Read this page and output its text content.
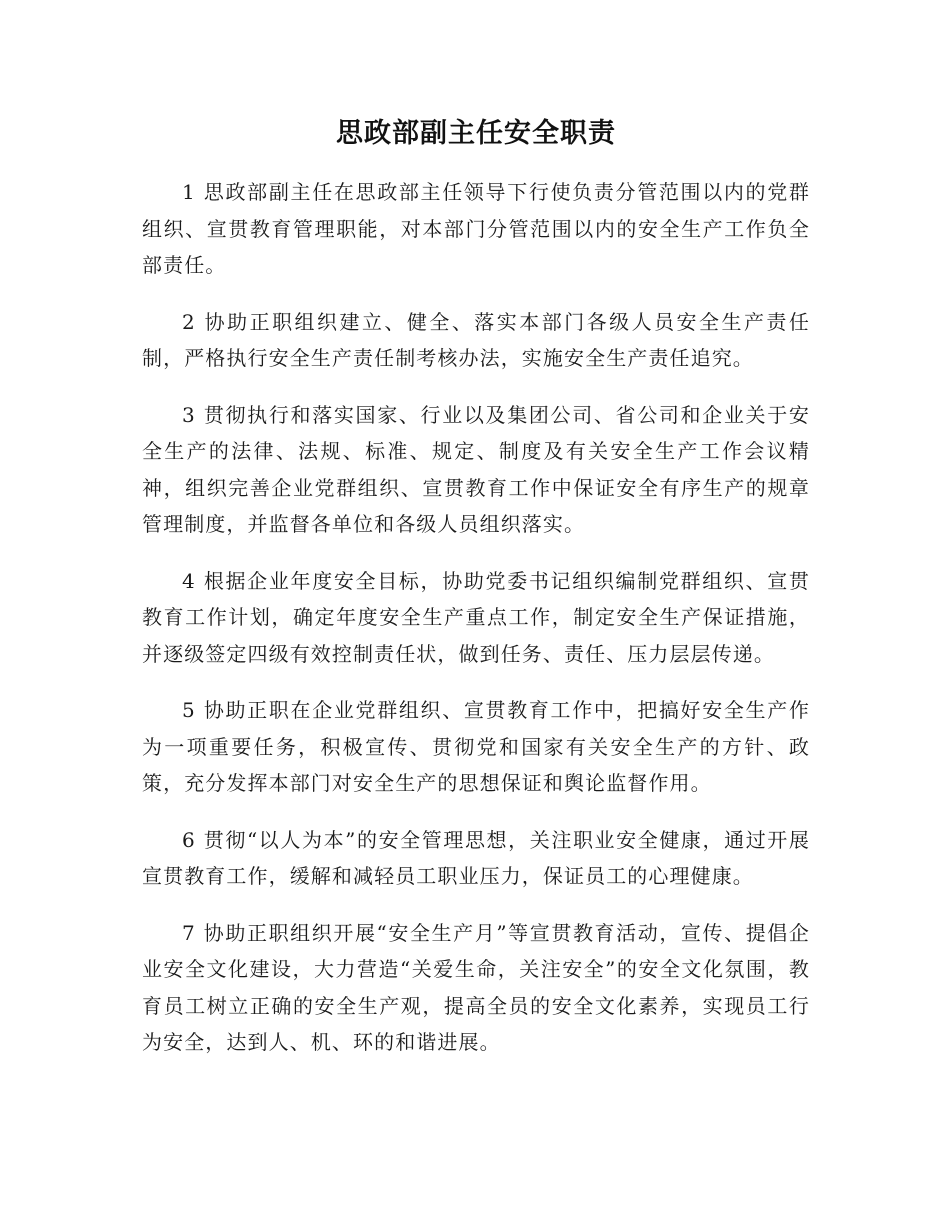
思政部副主任安全职责

1 思政部副主任在思政部主任领导下行使负责分管范围以内的党群组织、宣贯教育管理职能，对本部门分管范围以内的安全生产工作负全部责任。

2 协助正职组织建立、健全、落实本部门各级人员安全生产责任制，严格执行安全生产责任制考核办法，实施安全生产责任追究。

3 贯彻执行和落实国家、行业以及集团公司、省公司和企业关于安全生产的法律、法规、标准、规定、制度及有关安全生产工作会议精神，组织完善企业党群组织、宣贯教育工作中保证安全有序生产的规章管理制度，并监督各单位和各级人员组织落实。

4 根据企业年度安全目标，协助党委书记组织编制党群组织、宣贯教育工作计划，确定年度安全生产重点工作，制定安全生产保证措施，并逐级签定四级有效控制责任状，做到任务、责任、压力层层传递。

5 协助正职在企业党群组织、宣贯教育工作中，把搞好安全生产作为一项重要任务，积极宣传、贯彻党和国家有关安全生产的方针、政策，充分发挥本部门对安全生产的思想保证和舆论监督作用。

6 贯彻“以人为本”的安全管理思想，关注职业安全健康，通过开展宣贯教育工作，缓解和减轻员工职业压力，保证员工的心理健康。

7 协助正职组织开展“安全生产月”等宣贯教育活动，宣传、提倡企业安全文化建设，大力营造“关爱生命，关注安全”的安全文化氛围，教育员工树立正确的安全生产观，提高全员的安全文化素养，实现员工行为安全，达到人、机、环的和谐进展。
